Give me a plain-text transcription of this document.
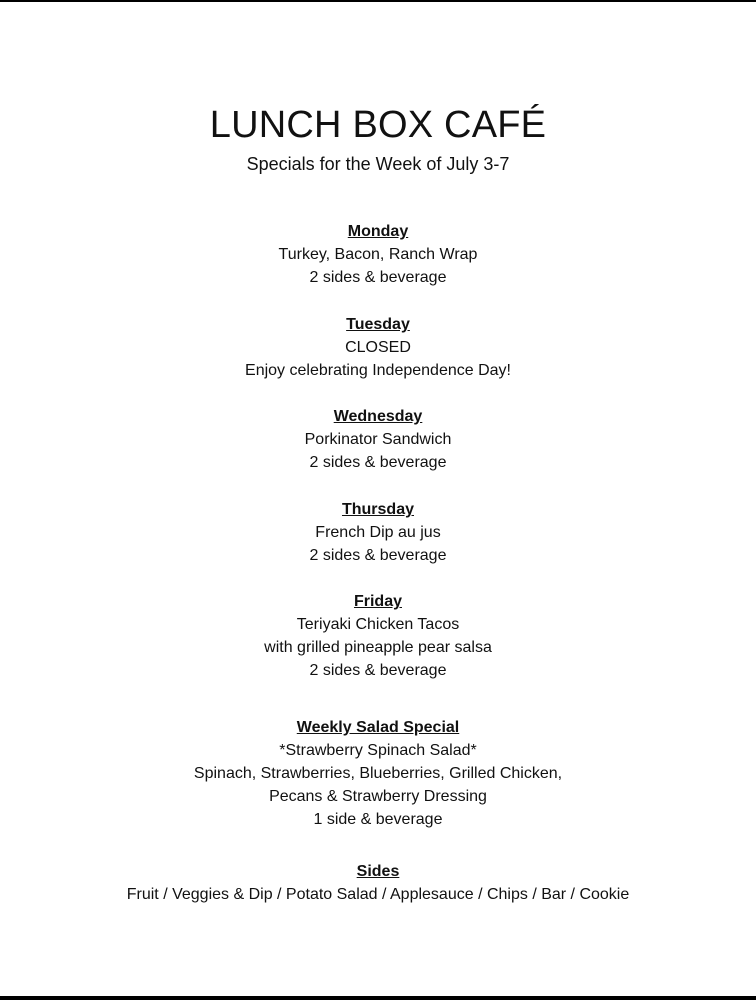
LUNCH BOX CAFÉ
Specials for the Week of July 3-7

Monday

Turkey, Bacon, Ranch Wrap

2 sides & beverage

Tuesday

CLOSED

Enjoy celebrating Independence Day!

Wednesday

Porkinator Sandwich

2 sides & beverage

Thursday

French Dip au jus

2 sides & beverage

Friday

Teriyaki Chicken Tacos

with grilled pineapple pear salsa

2 sides & beverage

Weekly Salad Special

*Strawberry Spinach Salad*

Spinach, Strawberries, Blueberries, Grilled Chicken,

Pecans & Strawberry Dressing

1 side & beverage

Sides

Fruit / Veggies & Dip / Potato Salad / Applesauce / Chips / Bar / Cookie
